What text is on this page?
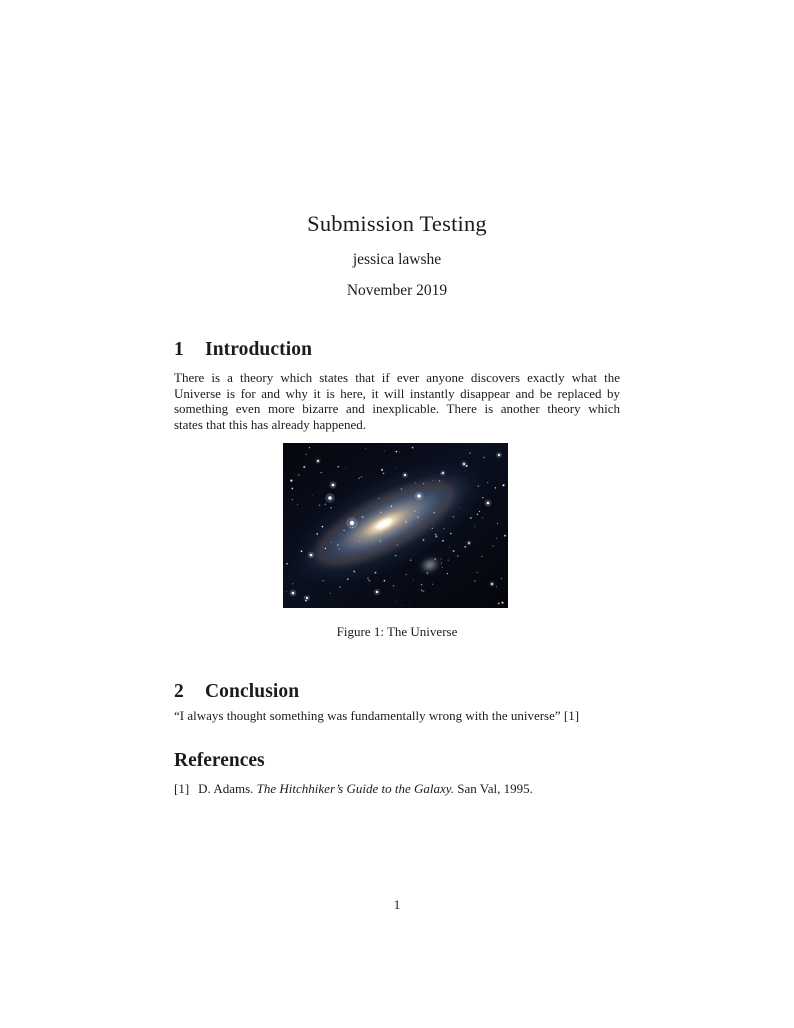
Submission Testing
jessica lawshe
November 2019
1 Introduction
There is a theory which states that if ever anyone discovers exactly what the
Universe is for and why it is here, it will instantly disappear and be replaced by
something even more bizarre and inexplicable. There is another theory which
states that this has already happened.
Figure 1: The Universe
2 Conclusion
“I always thought something was fundamentally wrong with the universe” [1]
References
[1] D. Adams. The Hitchhiker’s Guide to the Galaxy. San Val, 1995.
1
